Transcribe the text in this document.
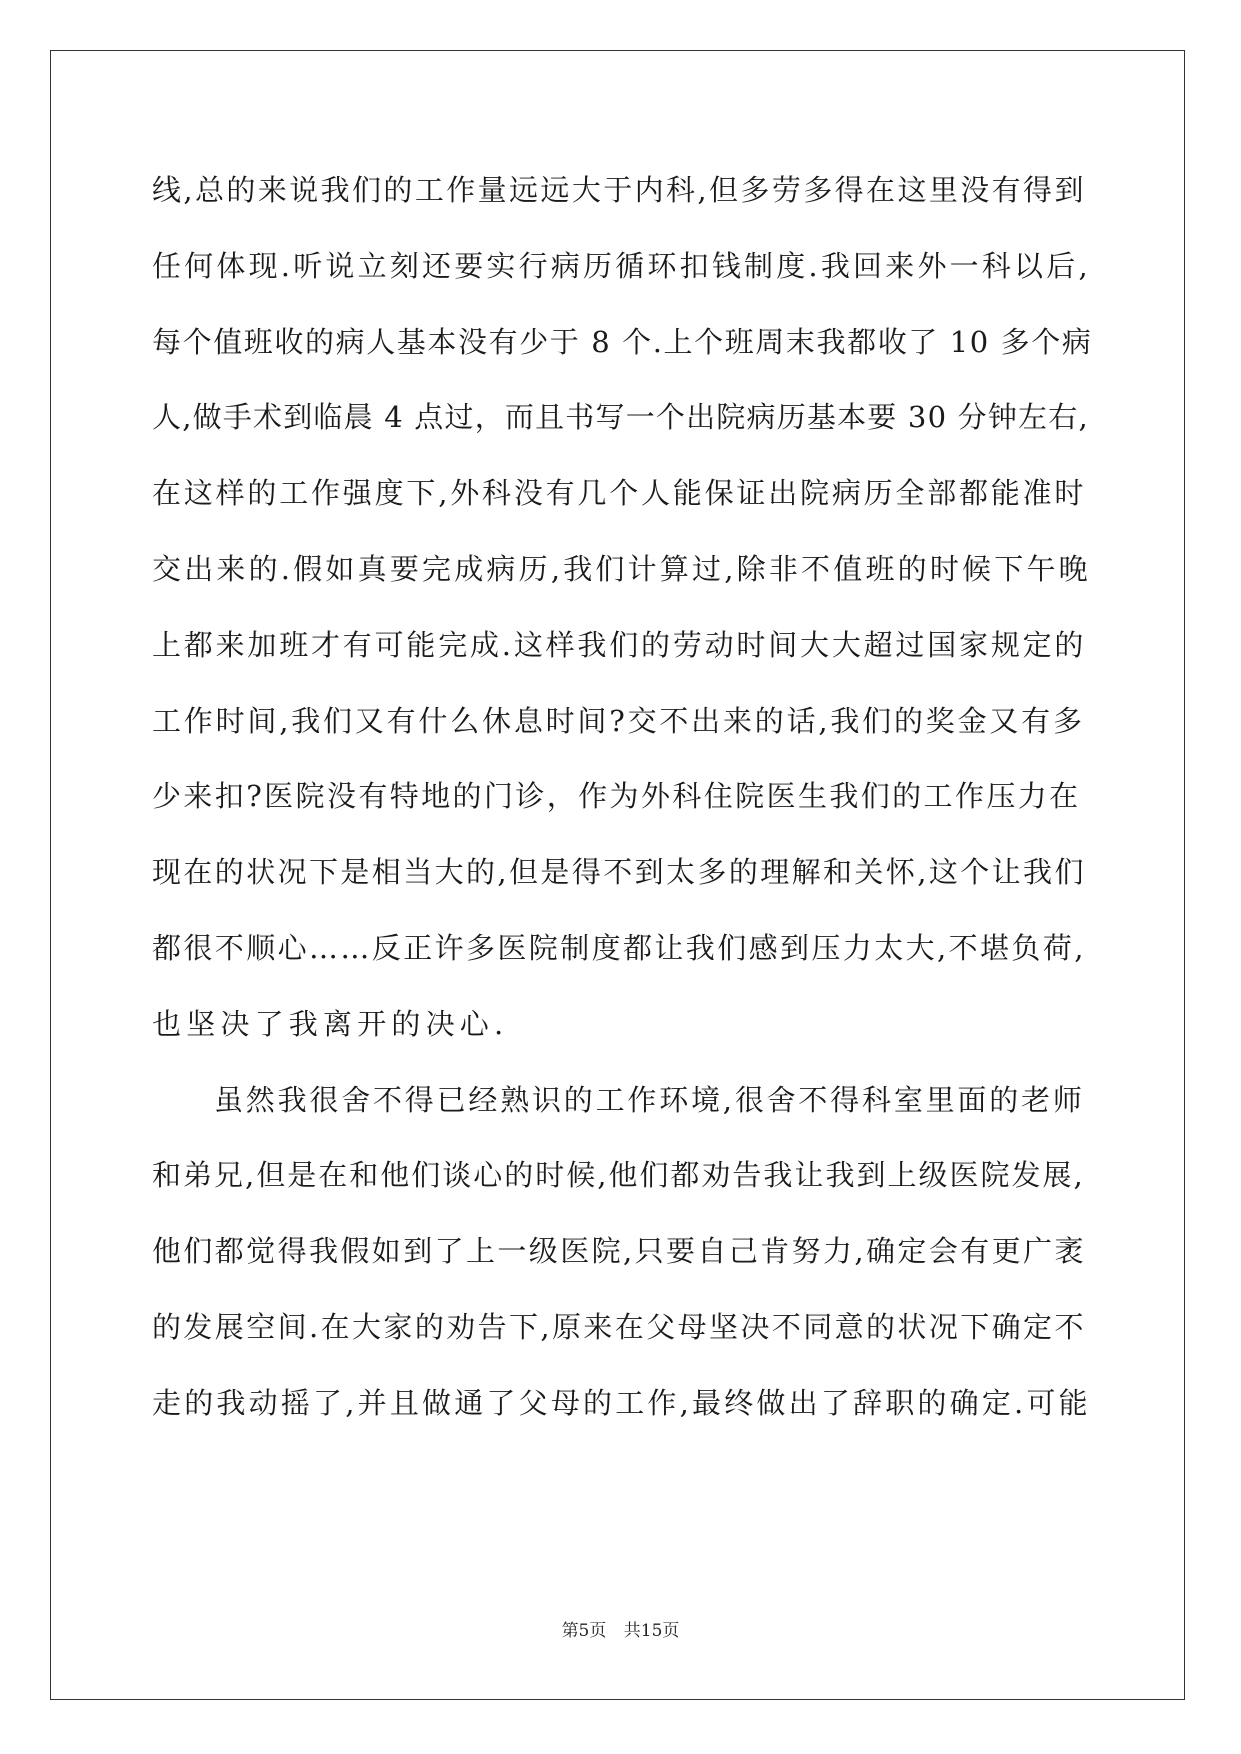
线,总的来说我们的工作量远远大于内科,但多劳多得在这里没有得到
任何体现.听说立刻还要实行病历循环扣钱制度.我回来外一科以后,
每个值班收的病人基本没有少于 8 个.上个班周末我都收了 10 多个病
人,做手术到临晨 4 点过，而且书写一个出院病历基本要 30 分钟左右,
在这样的工作强度下,外科没有几个人能保证出院病历全部都能准时
交出来的.假如真要完成病历,我们计算过,除非不值班的时候下午晚
上都来加班才有可能完成.这样我们的劳动时间大大超过国家规定的
工作时间,我们又有什么休息时间?交不出来的话,我们的奖金又有多
少来扣?医院没有特地的门诊，作为外科住院医生我们的工作压力在
现在的状况下是相当大的,但是得不到太多的理解和关怀,这个让我们
都很不顺心……反正许多医院制度都让我们感到压力太大,不堪负荷,
也坚决了我离开的决心.
虽然我很舍不得已经熟识的工作环境,很舍不得科室里面的老师
和弟兄,但是在和他们谈心的时候,他们都劝告我让我到上级医院发展,
他们都觉得我假如到了上一级医院,只要自己肯努力,确定会有更广袤
的发展空间.在大家的劝告下,原来在父母坚决不同意的状况下确定不
走的我动摇了,并且做通了父母的工作,最终做出了辞职的确定.可能
第5页 共15页
